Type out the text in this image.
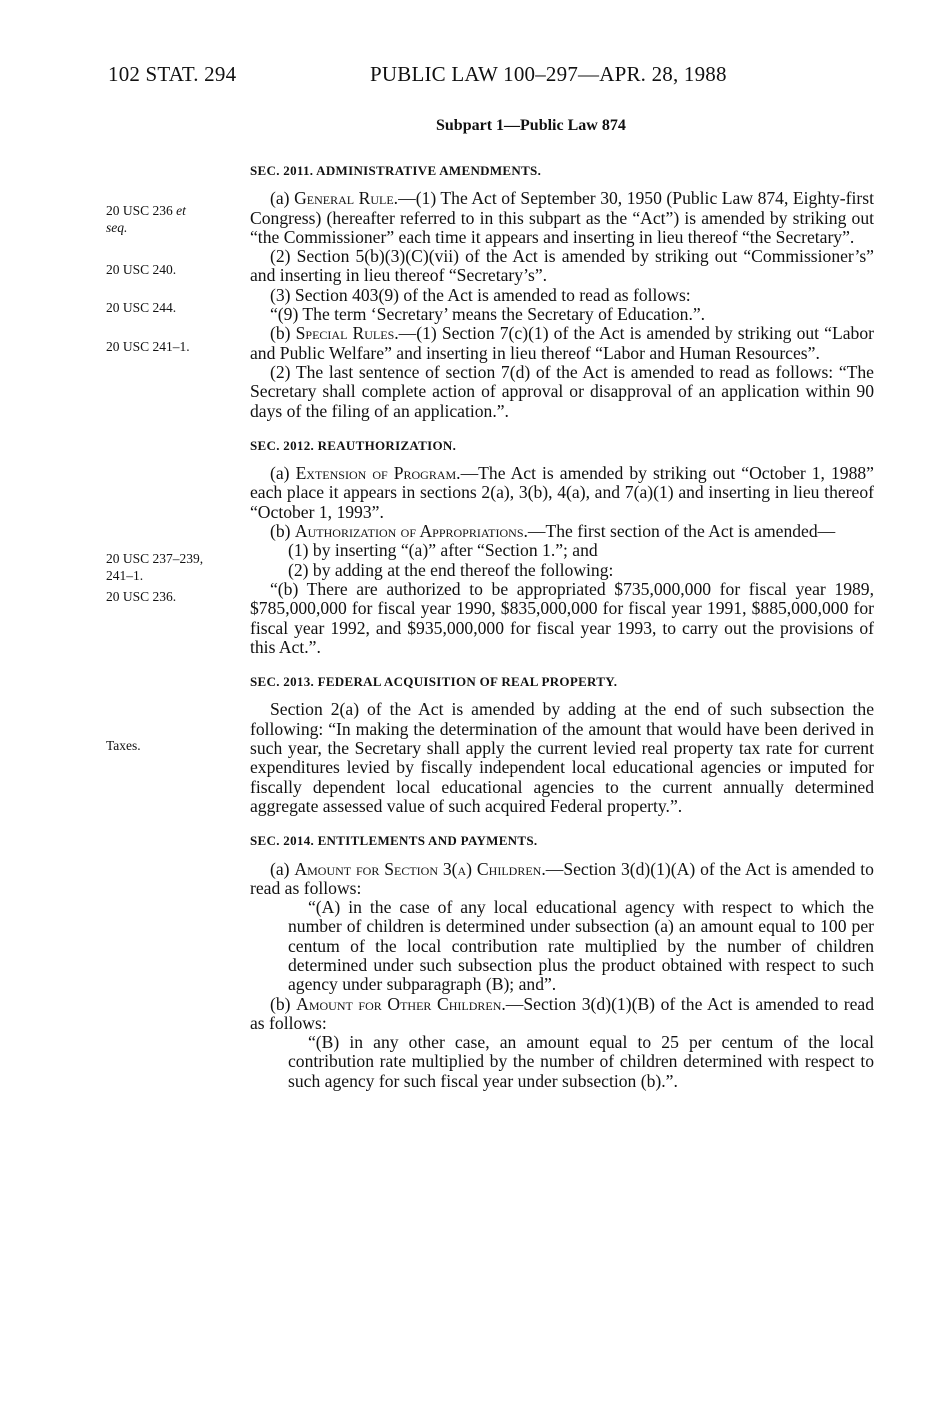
102 STAT. 294	PUBLIC LAW 100–297—APR. 28, 1988
Subpart 1—Public Law 874
20 USC 236 et
seq.
20 USC 240.
20 USC 244.
20 USC 241–1.
20 USC 237–239,
241–1.
20 USC 236.
Taxes.

SEC. 2011. ADMINISTRATIVE AMENDMENTS.

(a) General Rule.—(1) The Act of September 30, 1950 (Public Law 874, Eighty-first Congress) (hereafter referred to in this subpart as the “Act”) is amended by striking out “the Commissioner” each time it appears and inserting in lieu thereof “the Secretary”.

(2) Section 5(b)(3)(C)(vii) of the Act is amended by striking out “Commissioner’s” and inserting in lieu thereof “Secretary’s”.

(3) Section 403(9) of the Act is amended to read as follows:

“(9) The term ‘Secretary’ means the Secretary of Education.”.

(b) Special Rules.—(1) Section 7(c)(1) of the Act is amended by striking out “Labor and Public Welfare” and inserting in lieu thereof “Labor and Human Resources”.

(2) The last sentence of section 7(d) of the Act is amended to read as follows: “The Secretary shall complete action of approval or disapproval of an application within 90 days of the filing of an application.”.

SEC. 2012. REAUTHORIZATION.

(a) Extension of Program.—The Act is amended by striking out “October 1, 1988” each place it appears in sections 2(a), 3(b), 4(a), and 7(a)(1) and inserting in lieu thereof “October 1, 1993”.

(b) Authorization of Appropriations.—The first section of the Act is amended—

(1) by inserting “(a)” after “Section 1.”; and

(2) by adding at the end thereof the following:

“(b) There are authorized to be appropriated $735,000,000 for fiscal year 1989, $785,000,000 for fiscal year 1990, $835,000,000 for fiscal year 1991, $885,000,000 for fiscal year 1992, and $935,000,000 for fiscal year 1993, to carry out the provisions of this Act.”.

SEC. 2013. FEDERAL ACQUISITION OF REAL PROPERTY.

Section 2(a) of the Act is amended by adding at the end of such subsection the following: “In making the determination of the amount that would have been derived in such year, the Secretary shall apply the current levied real property tax rate for current expenditures levied by fiscally independent local educational agencies or imputed for fiscally dependent local educational agencies to the current annually determined aggregate assessed value of such acquired Federal property.”.

SEC. 2014. ENTITLEMENTS AND PAYMENTS.

(a) Amount for Section 3(a) Children.—Section 3(d)(1)(A) of the Act is amended to read as follows:

“(A) in the case of any local educational agency with respect to which the number of children is determined under subsection (a) an amount equal to 100 per centum of the local contribution rate multiplied by the number of children determined under such subsection plus the product obtained with respect to such agency under subparagraph (B); and”.

(b) Amount for Other Children.—Section 3(d)(1)(B) of the Act is amended to read as follows:

“(B) in any other case, an amount equal to 25 per centum of the local contribution rate multiplied by the number of children determined with respect to such agency for such fiscal year under subsection (b).”.
